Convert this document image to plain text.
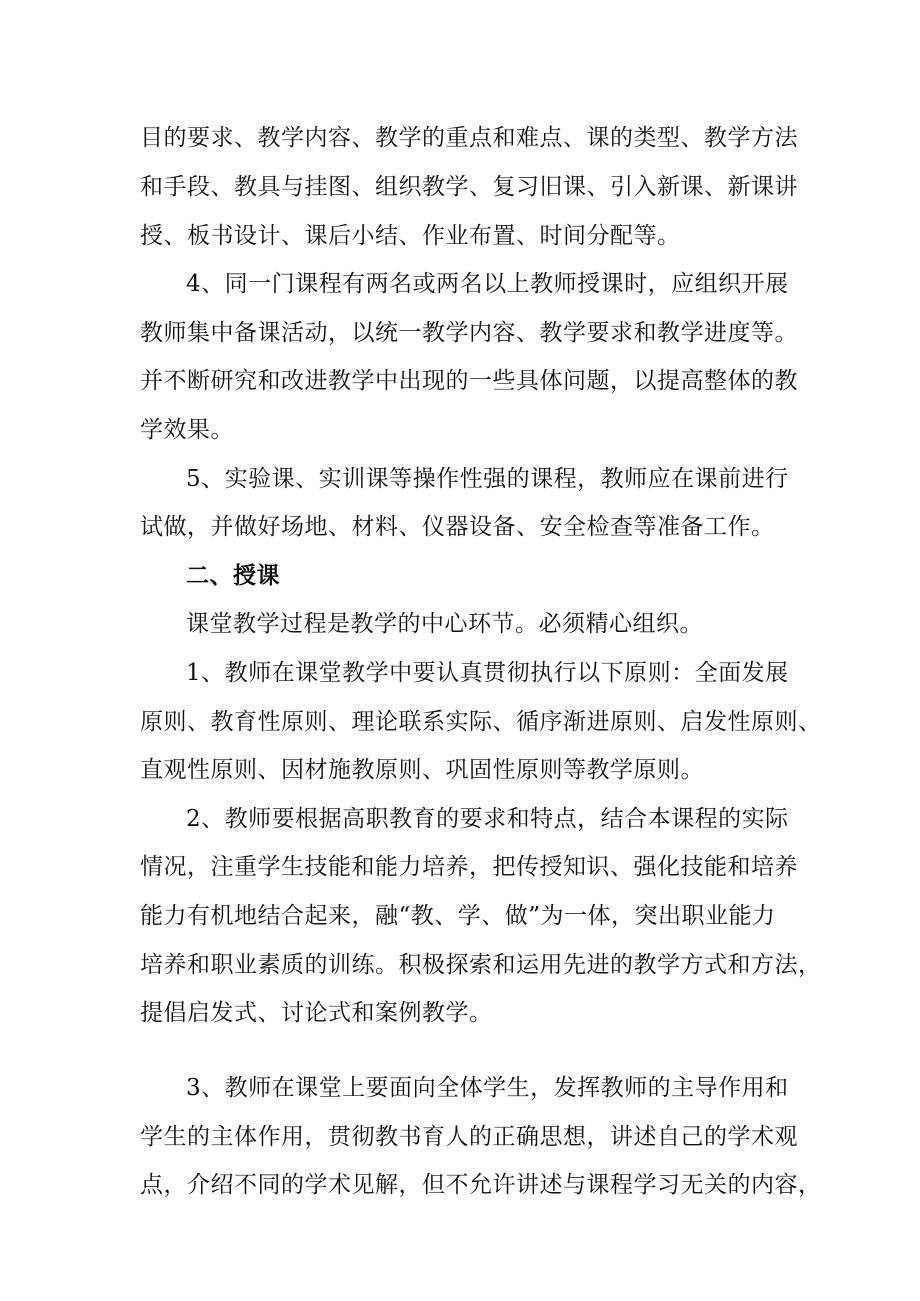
目的要求、教学内容、教学的重点和难点、课的类型、教学方法
和手段、教具与挂图、组织教学、复习旧课、引入新课、新课讲
授、板书设计、课后小结、作业布置、时间分配等。
4、同一门课程有两名或两名以上教师授课时，应组织开展
教师集中备课活动，以统一教学内容、教学要求和教学进度等。
并不断研究和改进教学中出现的一些具体问题，以提高整体的教
学效果。
5、实验课、实训课等操作性强的课程，教师应在课前进行
试做，并做好场地、材料、仪器设备、安全检查等准备工作。
二、授课
课堂教学过程是教学的中心环节。必须精心组织。
1、教师在课堂教学中要认真贯彻执行以下原则：全面发展
原则、教育性原则、理论联系实际、循序渐进原则、启发性原则、
直观性原则、因材施教原则、巩固性原则等教学原则。
2、教师要根据高职教育的要求和特点，结合本课程的实际
情况，注重学生技能和能力培养，把传授知识、强化技能和培养
能力有机地结合起来，融“教、学、做”为一体，突出职业能力
培养和职业素质的训练。积极探索和运用先进的教学方式和方法，
提倡启发式、讨论式和案例教学。
3、教师在课堂上要面向全体学生，发挥教师的主导作用和
学生的主体作用，贯彻教书育人的正确思想，讲述自己的学术观
点，介绍不同的学术见解，但不允许讲述与课程学习无关的内容，
